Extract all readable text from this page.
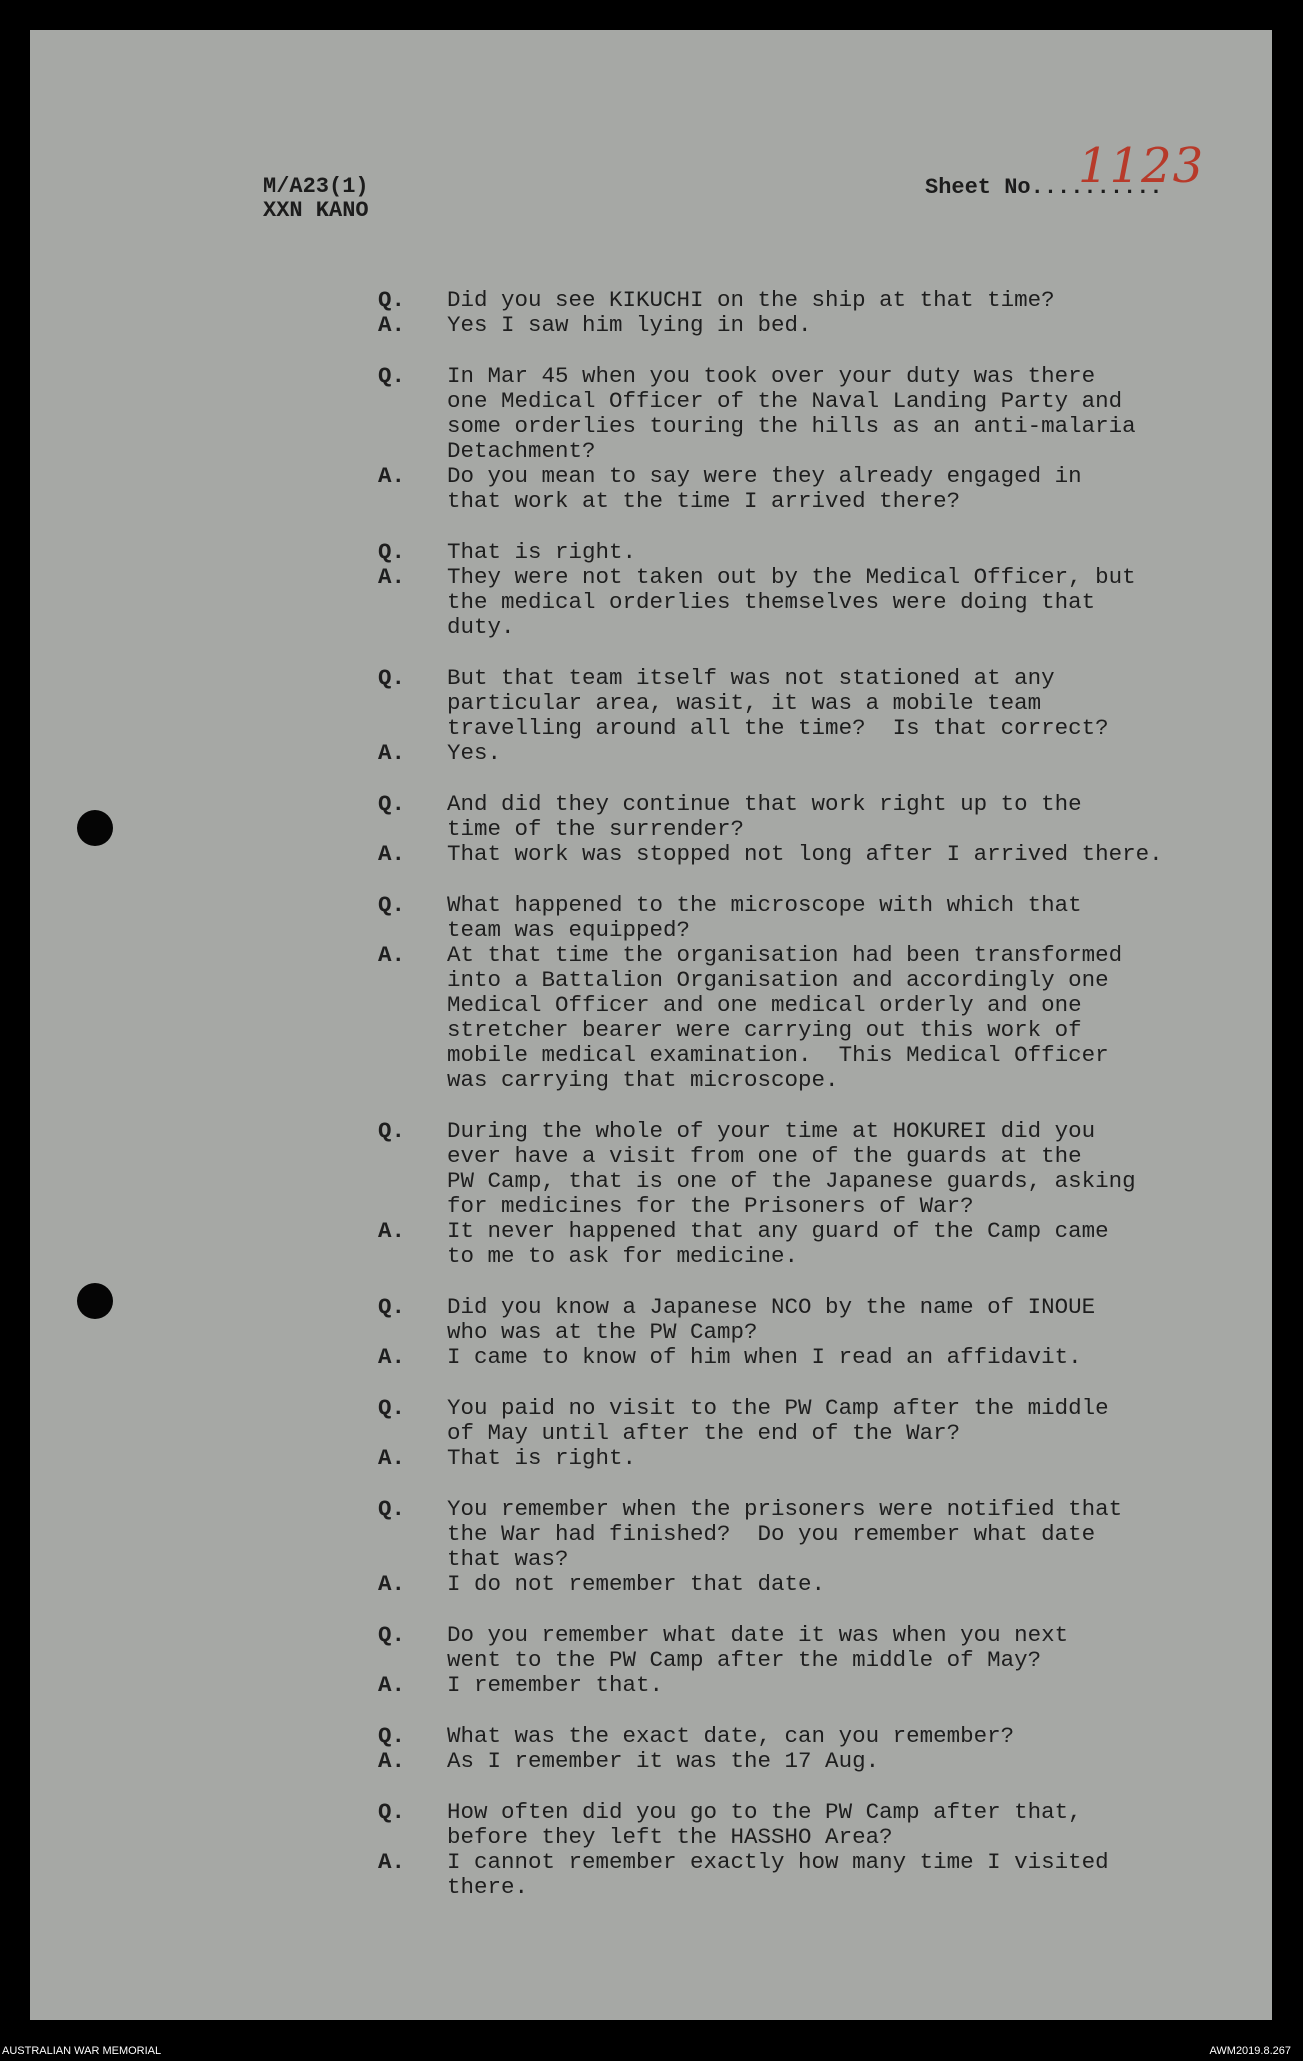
M/A23(1)
XXN KANO
Sheet No..........
1123
Q.	Did you see KIKUCHI on the ship at that time?
A.	Yes I saw him lying in bed.
Q.	In Mar 45 when you took over your duty was there
one Medical Officer of the Naval Landing Party and
some orderlies touring the hills as an anti-malaria
Detachment?
A.	Do you mean to say were they already engaged in
that work at the time I arrived there?
Q.	That is right.
A.	They were not taken out by the Medical Officer, but
the medical orderlies themselves were doing that
duty.
Q.	But that team itself was not stationed at any
particular area, wasit, it was a mobile team
travelling around all the time?  Is that correct?
A.	Yes.
Q.	And did they continue that work right up to the
time of the surrender?
A.	That work was stopped not long after I arrived there.
Q.	What happened to the microscope with which that
team was equipped?
A.	At that time the organisation had been transformed
into a Battalion Organisation and accordingly one
Medical Officer and one medical orderly and one
stretcher bearer were carrying out this work of
mobile medical examination.  This Medical Officer
was carrying that microscope.
Q.	During the whole of your time at HOKUREI did you
ever have a visit from one of the guards at the
PW Camp, that is one of the Japanese guards, asking
for medicines for the Prisoners of War?
A.	It never happened that any guard of the Camp came
to me to ask for medicine.
Q.	Did you know a Japanese NCO by the name of INOUE
who was at the PW Camp?
A.	I came to know of him when I read an affidavit.
Q.	You paid no visit to the PW Camp after the middle
of May until after the end of the War?
A.	That is right.
Q.	You remember when the prisoners were notified that
the War had finished?  Do you remember what date
that was?
A.	I do not remember that date.
Q.	Do you remember what date it was when you next
went to the PW Camp after the middle of May?
A.	I remember that.
Q.	What was the exact date, can you remember?
A.	As I remember it was the 17 Aug.
Q.	How often did you go to the PW Camp after that,
before they left the HASSHO Area?
A.	I cannot remember exactly how many time I visited
there.
AUSTRALIAN WAR MEMORIAL	AWM2019.8.267
